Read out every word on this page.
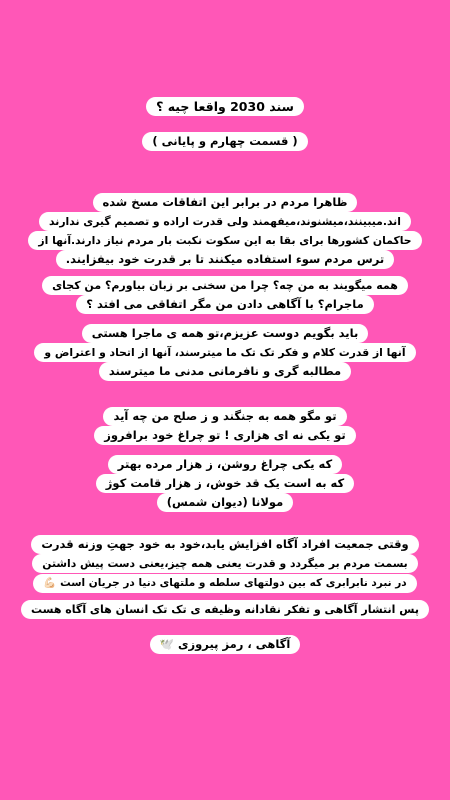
سند 2030 واقعا چیه ؟
( قسمت چهارم و پایانی )
ظاهرا مردم در برابر این اتفاقات مسخ شده
اند.میبینند،میشنوند،میفهمند ولی قدرت اراده و تصمیم گیری ندارند
حاکمان کشورها برای بقا به این سکوت نکبت بار مردم نیاز دارند.آنها از
ترس مردم سوء استفاده میکنند تا بر قدرت خود بیفزایند.
همه میگویند به من چه؟ چرا من سخنی بر زبان بیاورم؟ من کجای
ماجرام؟ با آگاهی دادن من مگر اتفاقی می افتد ؟
باید بگویم دوست عزیزم،تو همه ی ماجرا هستی
آنها از قدرت کلام و فکر تک تک ما میترسند، آنها از اتحاد و اعتراض و
مطالبه گری و نافرمانی مدنی ما میترسند
تو مگو همه به جنگند و ز صلح من چه آید
تو یکی نه ای هزاری ! تو چراغ خود برافروز
که یکی چراغ روشن، ز هزار مرده بهتر
که به است یک قد خوش، ز هزار قامت کوژ
مولانا (دیوان شمس)
وقتی جمعیت افراد آگاه افزایش یابد،خود به خود جهتِ وزنه قدرت
بسمت مردم بر میگردد و قدرت یعنی همه چیز،یعنی دست پیش داشتن
در نبرد نابرابری که بین دولتهای سلطه و ملتهای دنیا در جریان است 💪🏻
پس انتشار آگاهی و تفکر نقادانه وظیفه ی تک تک انسان های آگاه هست
آگاهی ، رمز پیروزی 🕊️
